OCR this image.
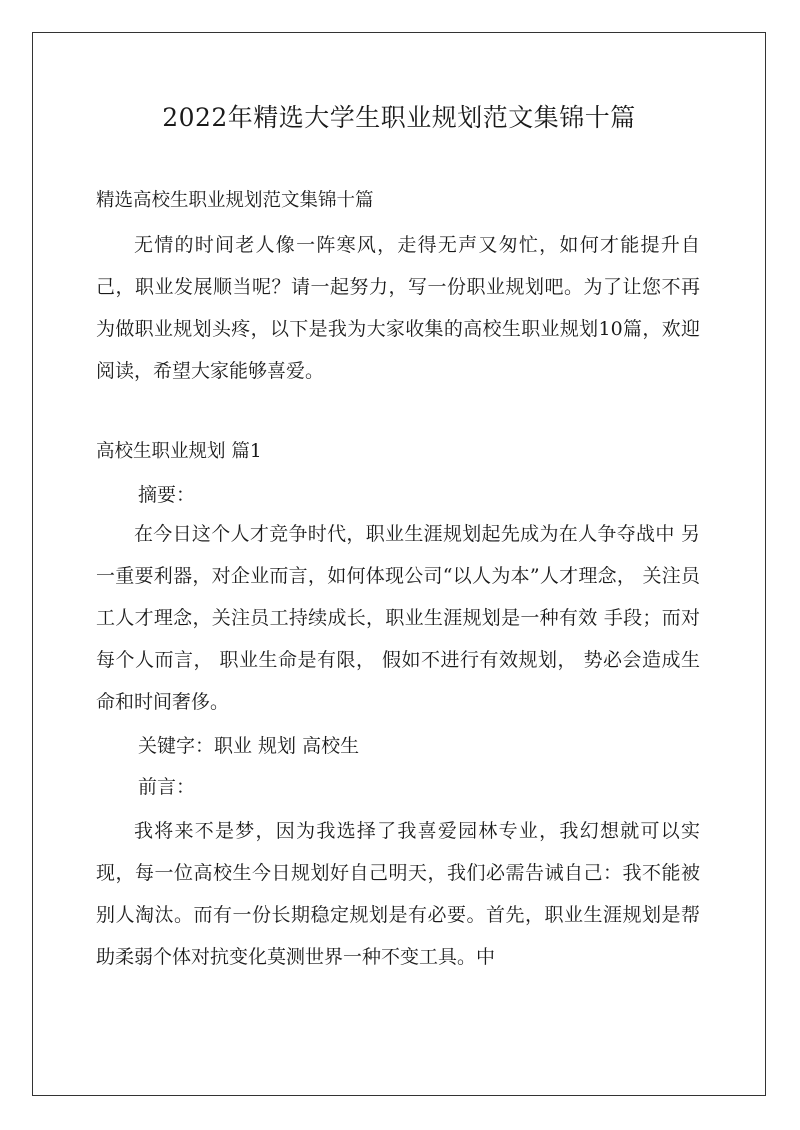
2022年精选大学生职业规划范文集锦十篇
精选高校生职业规划范文集锦十篇

无情的时间老人像一阵寒风，走得无声又匆忙，如何才能提升自己，职业发展顺当呢？请一起努力，写一份职业规划吧。为了让您不再为做职业规划头疼，以下是我为大家收集的高校生职业规划10篇，欢迎阅读，希望大家能够喜爱。

高校生职业规划 篇1
摘要：

在今日这个人才竞争时代，职业生涯规划起先成为在人争夺战中 另一重要利器，对企业而言，如何体现公司“以人为本”人才理念， 关注员工人才理念，关注员工持续成长，职业生涯规划是一种有效 手段；而对每个人而言， 职业生命是有限， 假如不进行有效规划， 势必会造成生命和时间奢侈。

关键字：职业 规划 高校生
前言：

我将来不是梦，因为我选择了我喜爱园林专业，我幻想就可以实现，每一位高校生今日规划好自己明天，我们必需告诫自己：我不能被别人淘汰。而有一份长期稳定规划是有必要。首先，职业生涯规划是帮助柔弱个体对抗变化莫测世界一种不变工具。中
